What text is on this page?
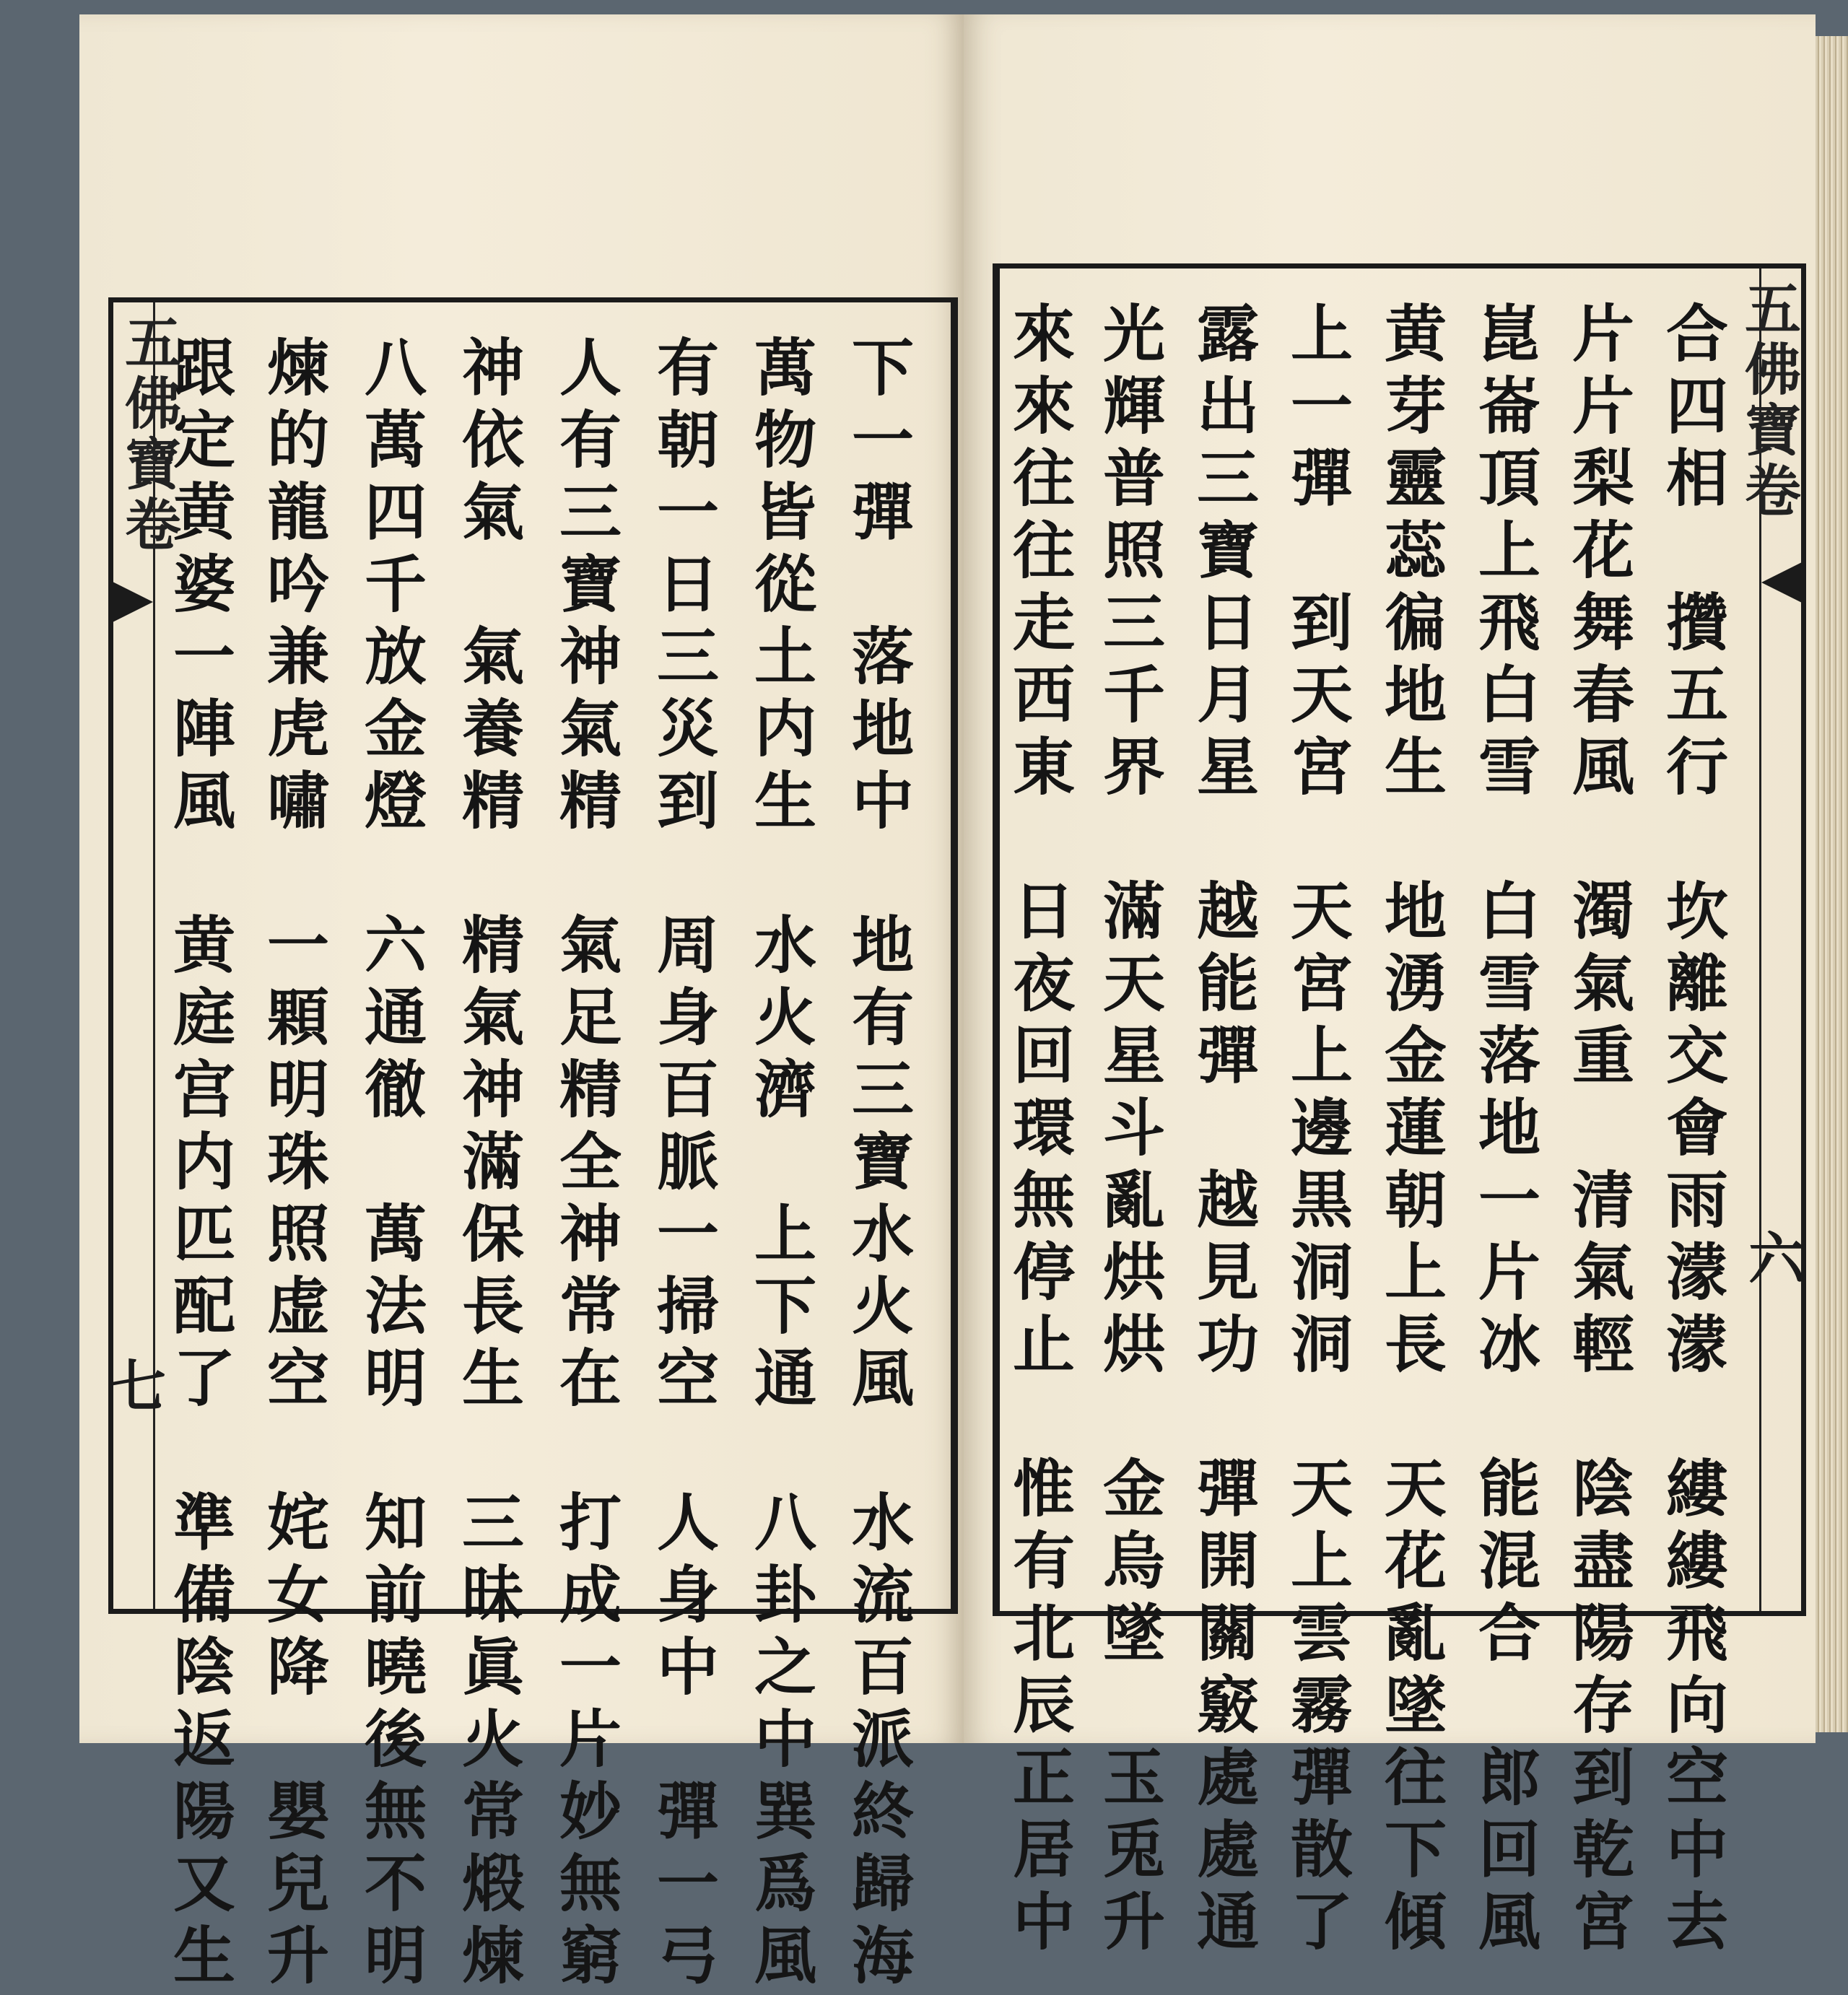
下一彈　落地中　地有三寶水火風　水流百派終歸海
萬物皆從土内生　水火濟　上下通　八卦之中巽爲風
有朝一日三災到　周身百脈一掃空　人身中　彈一弓
人有三寶神氣精　氣足精全神常在　打成一片妙無窮
神依氣　氣養精　精氣神滿保長生　三昧眞火常煅煉
八萬四千放金燈　六通徹　萬法明　知前曉後無不明
煉的龍吟兼虎嘯　一顆明珠照虚空　姹女降　嬰兒升
跟定黄婆一陣風　黄庭宫内匹配了　準備陰返陽又生
五佛寶卷
七	合四相　攢五行　坎離交會雨濛濛　縷縷飛向空中去
片片梨花舞春風　濁氣重　清氣輕　陰盡陽存到乾宮
崑崙頂上飛白雪　白雪落地一片冰　能混合　郎回風
黄芽靈蕊徧地生　地湧金蓮朝上長　天花亂墜往下傾
上一彈　到天宮　天宮上邊黒洞洞　天上雲霧彈散了
露出三寶日月星　越能彈　越見功　彈開關竅處處通
光輝普照三千界　滿天星斗亂烘烘　金烏墜　玉兎升
來來往往走西東　日夜回環無停止　惟有北辰正居中	五佛寶卷
六
